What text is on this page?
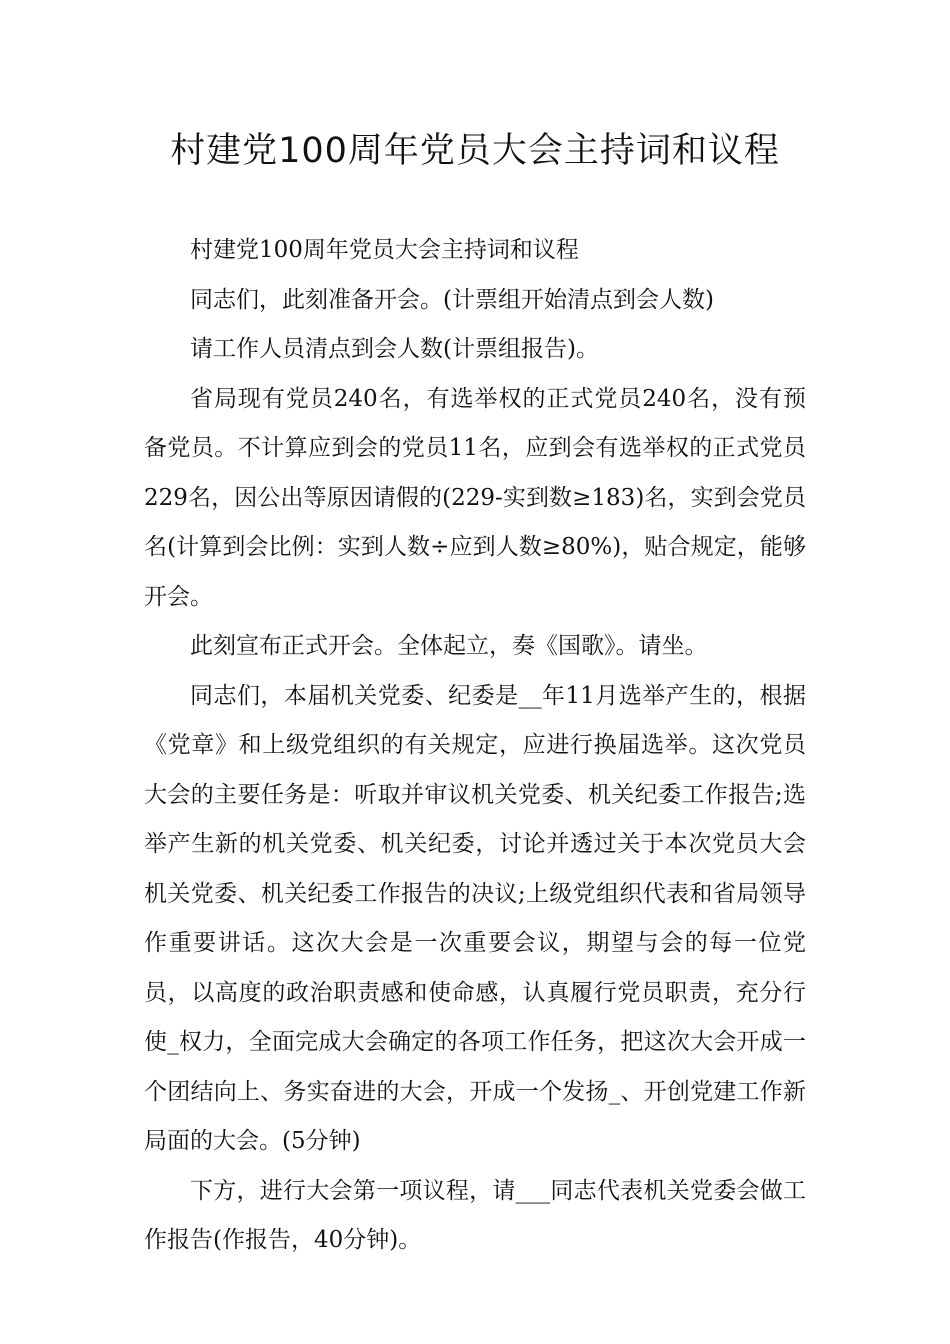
村建党100周年党员大会主持词和议程

村建党100周年党员大会主持词和议程

同志们，此刻准备开会。(计票组开始清点到会人数)

请工作人员清点到会人数(计票组报告)。

省局现有党员240名，有选举权的正式党员240名，没有预备党员。不计算应到会的党员11名，应到会有选举权的正式党员229名，因公出等原因请假的(229-实到数≥183)名，实到会党员名(计算到会比例：实到人数÷应到人数≥80%)，贴合规定，能够开会。

此刻宣布正式开会。全体起立，奏《国歌》。请坐。

同志们，本届机关党委、纪委是__年11月选举产生的，根据《党章》和上级党组织的有关规定，应进行换届选举。这次党员大会的主要任务是：听取并审议机关党委、机关纪委工作报告;选举产生新的机关党委、机关纪委，讨论并透过关于本次党员大会机关党委、机关纪委工作报告的决议;上级党组织代表和省局领导作重要讲话。这次大会是一次重要会议，期望与会的每一位党员，以高度的政治职责感和使命感，认真履行党员职责，充分行使_权力，全面完成大会确定的各项工作任务，把这次大会开成一个团结向上、务实奋进的大会，开成一个发扬_、开创党建工作新局面的大会。(5分钟)

下方，进行大会第一项议程，请___同志代表机关党委会做工作报告(作报告，40分钟)。
